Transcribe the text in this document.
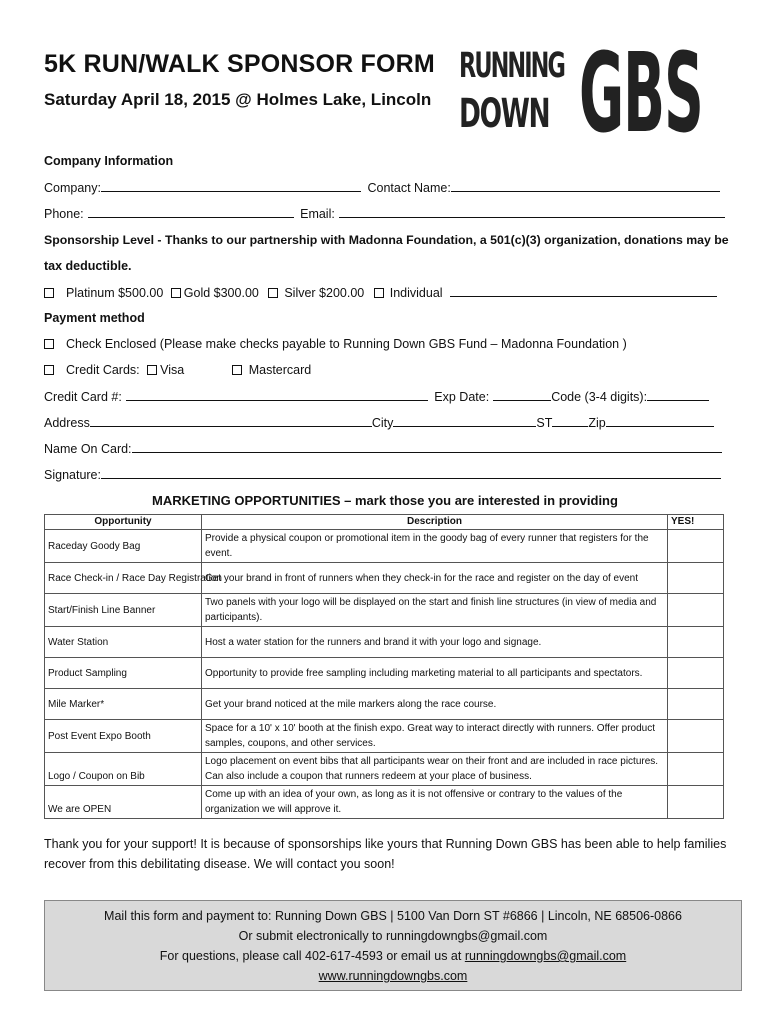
5K RUN/WALK SPONSOR FORM
Saturday April 18, 2015 @ Holmes Lake, Lincoln
RUNNING
DOWN GBS
Company Information
Company:	Contact Name:
Phone:	Email:
Sponsorship Level - Thanks to our partnership with Madonna Foundation, a 501(c)(3) organization, donations may be
tax deductible.
Platinum $500.00 Gold $300.00 Silver $200.00 Individual
Payment method
Check Enclosed (Please make checks payable to Running Down GBS Fund – Madonna Foundation )
Credit Cards: Visa	Mastercard
Credit Card #:	Exp Date:	Code (3-4 digits):
Address	City	ST	Zip
Name On Card:
Signature:
MARKETING OPPORTUNITIES – mark those you are interested in providing
Opportunity	Description	YES!
Raceday Goody Bag	Provide a physical coupon or promotional item in the goody bag of every runner that registers for the event.	
Race Check-in / Race Day Registration	Get your brand in front of runners when they check-in for the race and register on the day of event	
Start/Finish Line Banner	Two panels with your logo will be displayed on the start and finish line structures (in view of media and participants).	
Water Station	Host a water station for the runners and brand it with your logo and signage.	
Product Sampling	Opportunity to provide free sampling including marketing material to all participants and spectators.	
Mile Marker*	Get your brand noticed at the mile markers along the race course.	
Post Event Expo Booth	Space for a 10' x 10' booth at the finish expo. Great way to interact directly with runners. Offer product samples, coupons, and other services.	
Logo / Coupon on Bib	Logo placement on event bibs that all participants wear on their front and are included in race pictures. Can also include a coupon that runners redeem at your place of business.	
We are OPEN	Come up with an idea of your own, as long as it is not offensive or contrary to the values of the organization we will approve it.	
Thank you for your support! It is because of sponsorships like yours that Running Down GBS has been able to help families recover from this debilitating disease. We will contact you soon!
Mail this form and payment to: Running Down GBS | 5100 Van Dorn ST #6866 | Lincoln, NE 68506-0866
Or submit electronically to runningdowngbs@gmail.com
For questions, please call 402-617-4593 or email us at runningdowngbs@gmail.com
www.runningdowngbs.com
